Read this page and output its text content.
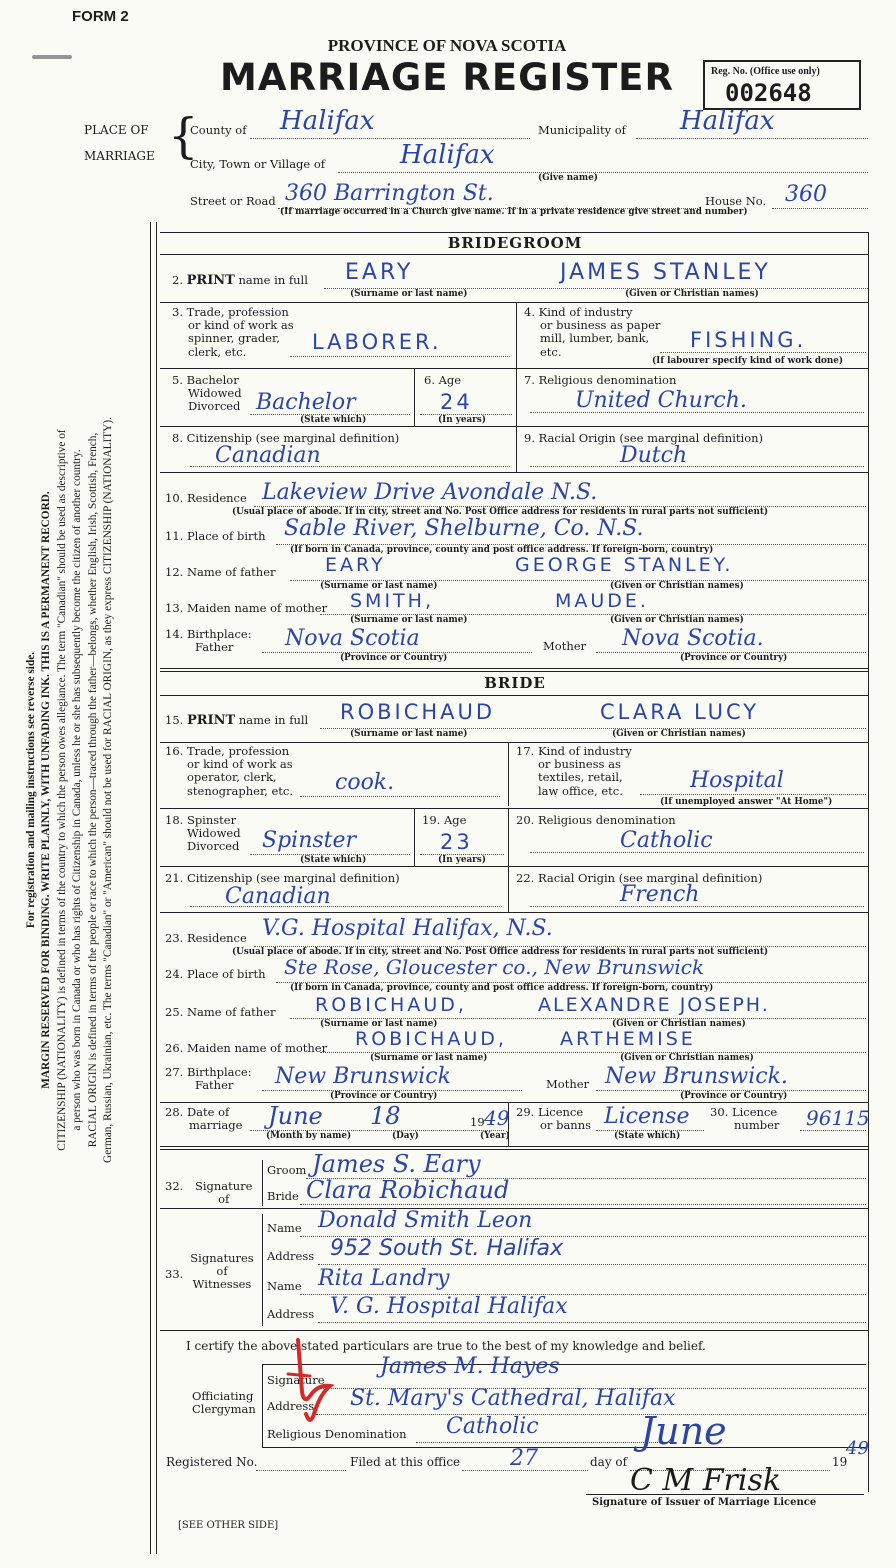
FORM 2
PROVINCE OF NOVA SCOTIA
MARRIAGE REGISTER	Reg. No. (Office use only)
002648

For registration and mailing instructions see reverse side. MARGIN RESERVED FOR BINDING. WRITE PLAINLY, WITH UNFADING INK. THIS IS A PERMANENT RECORD. CITIZENSHIP (NATIONALITY) is defined in terms of the country to which the person owes allegiance. The term "Canadian" should be used as descriptive of a person who was born in Canada or who has rights of Citizenship in Canada, unless he or she has subsequently become the citizen of another country. RACIAL ORIGIN is defined in terms of the people or race to which the person—traced through the father—belongs, whether English, Irish, Scottish, French, German, Russian, Ukrainian, etc. The terms "Canadian" or "American" should not be used for RACIAL ORIGIN, as they express CITIZENSHIP (NATIONALITY).

PLACE OF
MARRIAGE {
County of Halifax	Municipality of Halifax
City, Town or Village of	Halifax
(Give name)
Street or Road 360 Barrington St.	House No. 360
(If marriage occurred in a Church give name. If in a private residence give street and number)
BRIDEGROOM
2. PRINT name in full EARY	JAMES STANLEY
(Surname or last name)	(Given or Christian names)
3. Trade, profession
or kind of work as
spinner, grader,
clerk, etc.	LABORER.
4. Kind of industry
or business as paper
mill, lumber, bank,
etc.	FISHING.
(If labourer specify kind of work done)
5. Bachelor
Widowed
Divorced Bachelor
(State which)
6. Age
24
(In years)
7. Religious denomination
United Church.
8. Citizenship (see marginal definition)
Canadian
9. Racial Origin (see marginal definition)
Dutch
10. Residence Lakeview Drive Avondale N.S.
(Usual place of abode. If in city, street and No. Post Office address for residents in rural parts not sufficient)
11. Place of birth Sable River, Shelburne, Co. N.S.
(If born in Canada, province, county and post office address. If foreign-born, country)
12. Name of father	EARY	GEORGE STANLEY.
(Surname or last name)	(Given or Christian names)
13. Maiden name of mother SMITH,	MAUDE.
(Surname or last name)	(Given or Christian names)
14. Birthplace:
Father	Nova Scotia	Mother Nova Scotia.
(Province or Country)	(Province or Country)
BRIDE
15. PRINT name in full ROBICHAUD	CLARA LUCY
(Surname or last name)	(Given or Christian names)
16. Trade, profession
or kind of work as
operator, clerk,
stenographer, etc. cook.
17. Kind of industry
or business as
textiles, retail,
law office, etc.	Hospital
(If unemployed answer "At Home")
18. Spinster
Widowed
Divorced Spinster
(State which)
19. Age
23
(In years)
20. Religious denomination
Catholic
21. Citizenship (see marginal definition)
Canadian
22. Racial Origin (see marginal definition)
French
23. Residence V.G. Hospital Halifax, N.S.
(Usual place of abode. If in city, street and No. Post Office address for residents in rural parts not sufficient)
24. Place of birth Ste Rose, Gloucester co., New Brunswick
(If born in Canada, province, county and post office address. If foreign-born, country)
25. Name of father ROBICHAUD,	ALEXANDRE JOSEPH.
(Surname or last name)	(Given or Christian names)
26. Maiden name of mother ROBICHAUD,	ARTHEMISE
(Surname or last name)	(Given or Christian names)
27. Birthplace:
Father	New Brunswick	Mother New Brunswick.
(Province or Country)	(Province or Country)
28. Date of
marriage June 18	19 49
(Month by name)	(Day)	(Year)
29. Licence
or banns License
(State which)
30. Licence
number 96115
32. Signature
of
Groom James S. Eary
Bride Clara Robichaud
33.
Signatures
of
Witnesses
Name Donald Smith Leon
Address 952 South St. Halifax
Name Rita Landry
Address V. G. Hospital Halifax
I certify the above stated particulars are true to the best of my knowledge and belief.
Officiating
Clergyman
Signature
James M. Hayes
Address St. Mary's Cathedral, Halifax
Religious Denomination Catholic
Registered No.	Filed at this office 27	day of
June
19
49
C M Frisk
Signature of Issuer of Marriage Licence
[SEE OTHER SIDE]
